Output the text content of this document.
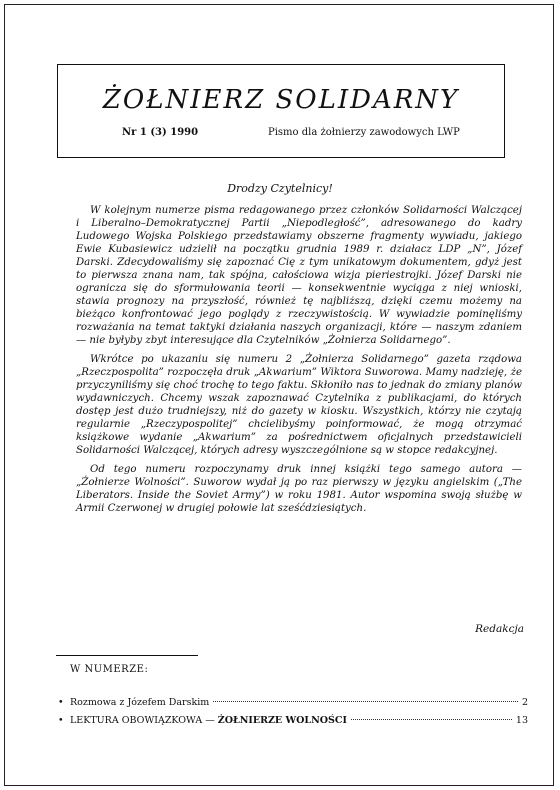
ŻOŁNIERZ SOLIDARNY
Nr 1 (3) 1990	Pismo dla żołnierzy zawodowych LWP
Drodzy Czytelnicy!

W kolejnym numerze pisma redagowanego przez członków Solidarności Walczącej i Liberalno–Demokratycznej Partii „Niepodległość”, adresowanego do kadry Ludowego Wojska Polskiego przedstawiamy obszerne fragmenty wywiadu, jakiego Ewie Kubasiewicz udzielił na początku grudnia 1989 r. działacz LDP „N”, Józef Darski. Zdecydowaliśmy się zapoznać Cię z tym unikatowym dokumentem, gdyż jest to pierwsza znana nam, tak spójna, całościowa wizja pieriestrojki. Józef Darski nie ogranicza się do sformułowania teorii — konsekwentnie wyciąga z niej wnioski, stawia prognozy na przyszłość, również tę najbliższą, dzięki czemu możemy na bieżąco konfrontować jego poglądy z rzeczywistością. W wywiadzie pominęliśmy rozważania na temat taktyki działania naszych organizacji, które — naszym zdaniem — nie byłyby zbyt interesujące dla Czytelników „Żołnierza Solidarnego”.

Wkrótce po ukazaniu się numeru 2 „Żołnierza Solidarnego” gazeta rządowa „Rzeczpospolita” rozpoczęła druk „Akwarium” Wiktora Suworowa. Mamy nadzieję, że przyczyniliśmy się choć trochę to tego faktu. Skłoniło nas to jednak do zmiany planów wydawniczych. Chcemy wszak zapoznawać Czytelnika z publikacjami, do których dostęp jest dużo trudniejszy, niż do gazety w kiosku. Wszystkich, którzy nie czytają regularnie „Rzeczypospolitej” chcielibyśmy poinformować, że mogą otrzymać książkowe wydanie „Akwarium” za pośrednictwem oficjalnych przedstawicieli Solidarności Walczącej, których adresy wyszczególnione są w stopce redakcyjnej.

Od tego numeru rozpoczynamy druk innej książki tego samego autora — „Żołnierze Wolności”. Suworow wydał ją po raz pierwszy w języku angielskim („The Liberators. Inside the Soviet Army”) w roku 1981. Autor wspomina swoją służbę w Armii Czerwonej w drugiej połowie lat sześćdziesiątych.

Redakcja
W NUMERZE:
• Rozmowa z Józefem Darskim	2
• LEKTURA OBOWIĄZKOWA — ŻOŁNIERZE WOLNOŚCI	13
